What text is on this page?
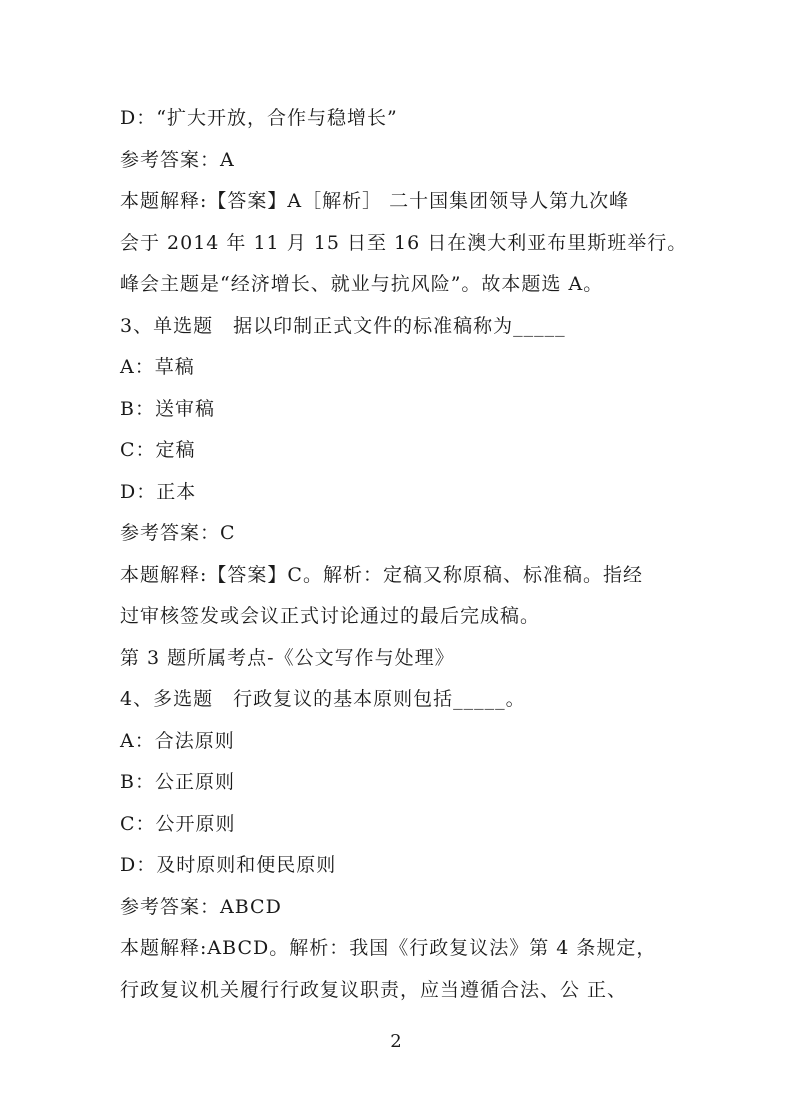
D：“扩大开放，合作与稳增长”
参考答案：A
本题解释:【答案】A［解析］ 二十国集团领导人第九次峰
会于 2014 年 11 月 15 日至 16 日在澳大利亚布里斯班举行。
峰会主题是“经济增长、就业与抗风险”。故本题选 A。
3、单选题　据以印制正式文件的标准稿称为_____
A：草稿
B：送审稿
C：定稿
D：正本
参考答案：C
本题解释:【答案】C。解析：定稿又称原稿、标准稿。指经
过审核签发或会议正式讨论通过的最后完成稿。
第 3 题所属考点-《公文写作与处理》
4、多选题　行政复议的基本原则包括_____。
A：合法原则
B：公正原则
C：公开原则
D：及时原则和便民原则
参考答案：ABCD
本题解释:ABCD。解析：我国《行政复议法》第 4 条规定，
行政复议机关履行行政复议职责，应当遵循合法、公 正、
2
